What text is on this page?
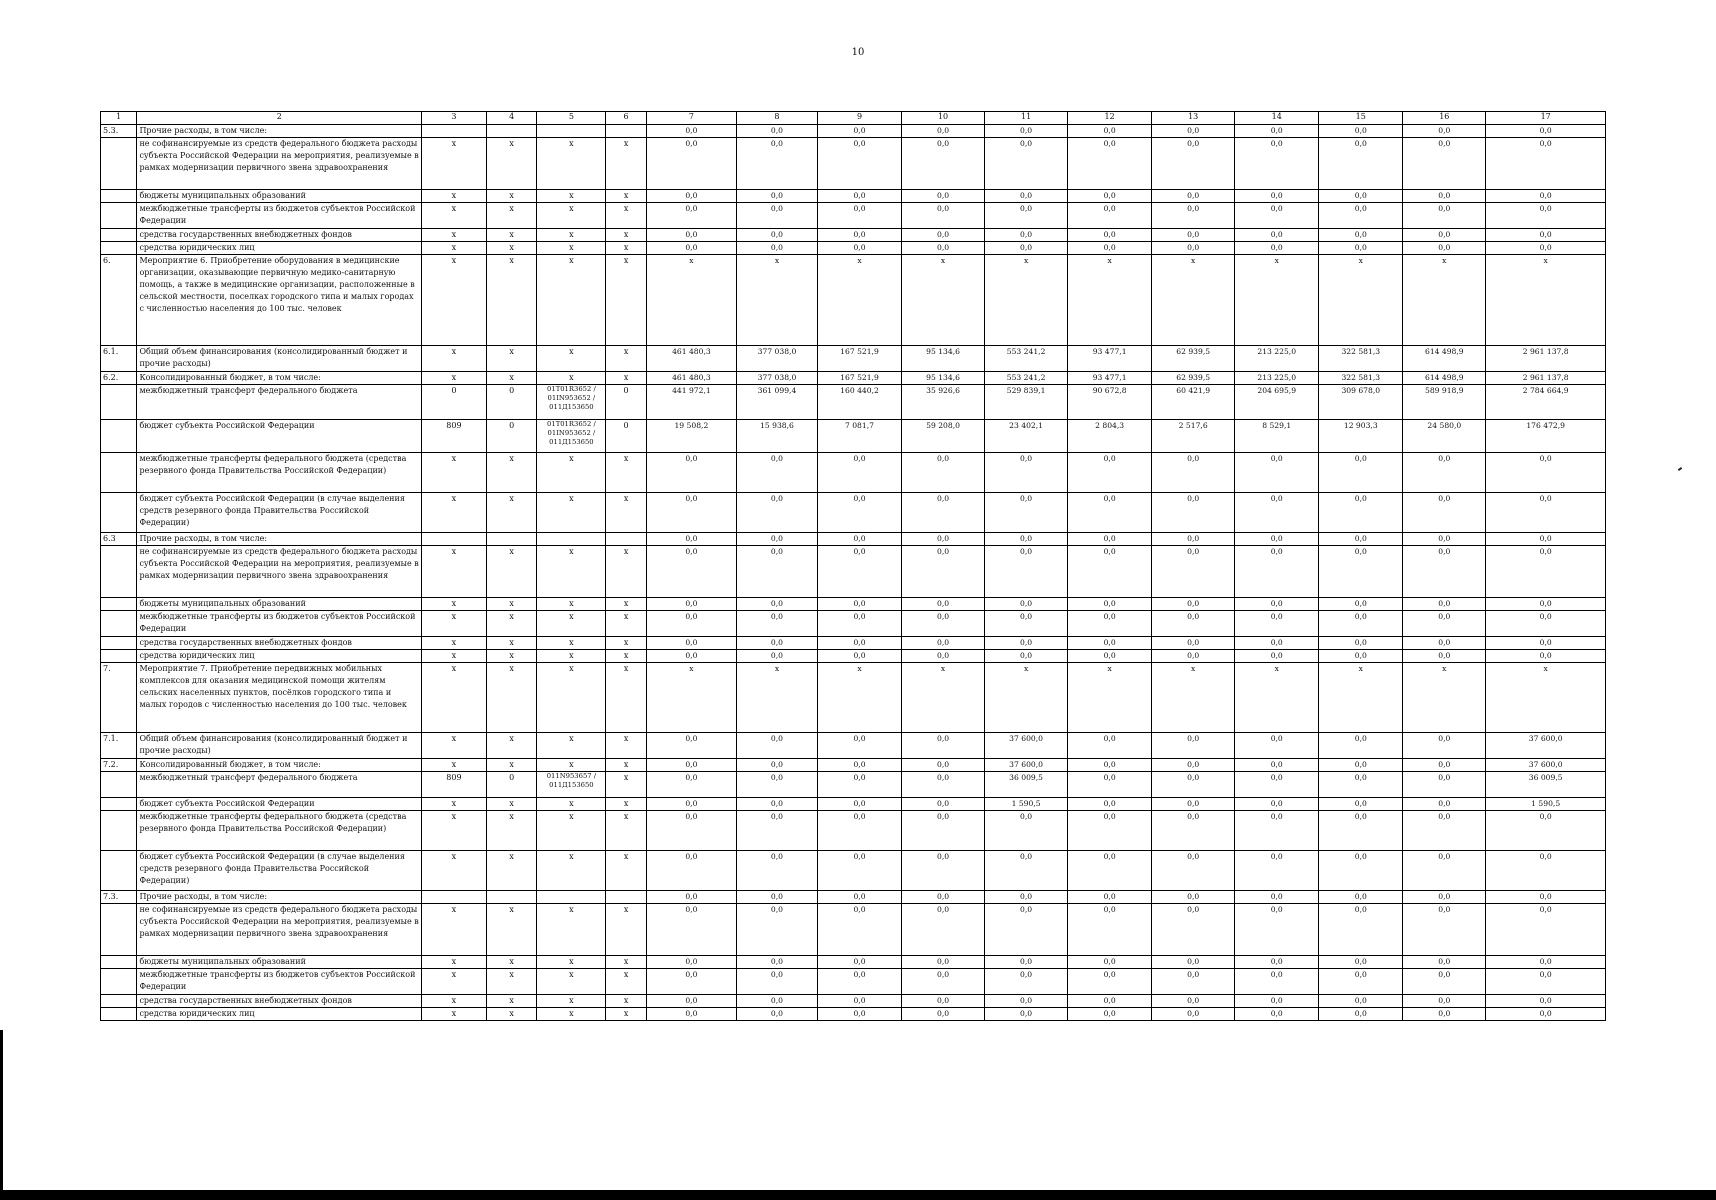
10
1	2	3	4	5	6	7	8	9	10	11	12	13	14	15	16	17
5.3.	Прочие расходы, в том числе:					0,0	0,0	0,0	0,0	0,0	0,0	0,0	0,0	0,0	0,0	0,0
	не софинансируемые из средств федерального бюджета расходы субъекта Российской Федерации на мероприятия, реализуемые в рамках модернизации первичного звена здравоохранения	x	x	x	x	0,0	0,0	0,0	0,0	0,0	0,0	0,0	0,0	0,0	0,0	0,0
	бюджеты муниципальных образований	x	x	x	x	0,0	0,0	0,0	0,0	0,0	0,0	0,0	0,0	0,0	0,0	0,0
	межбюджетные трансферты из бюджетов субъектов Российской Федерации	x	x	x	x	0,0	0,0	0,0	0,0	0,0	0,0	0,0	0,0	0,0	0,0	0,0
	средства государственных внебюджетных фондов	x	x	x	x	0,0	0,0	0,0	0,0	0,0	0,0	0,0	0,0	0,0	0,0	0,0
	средства юридических лиц	x	x	x	x	0,0	0,0	0,0	0,0	0,0	0,0	0,0	0,0	0,0	0,0	0,0
6.	Мероприятие 6. Приобретение оборудования в медицинские организации, оказывающие первичную медико-санитарную помощь, а также в медицинские организации, расположенные в сельской местности, поселках городского типа и малых городах с численностью населения до 100 тыс. человек	x	x	x	x	x	x	x	x	x	x	x	x	x	x	x
6.1.	Общий объем финансирования (консолидированный бюджет и прочие расходы)	x	x	x	x	461 480,3	377 038,0	167 521,9	95 134,6	553 241,2	93 477,1	62 939,5	213 225,0	322 581,3	614 498,9	2 961 137,8
6.2.	Консолидированный бюджет, в том числе:	x	x	x	x	461 480,3	377 038,0	167 521,9	95 134,6	553 241,2	93 477,1	62 939,5	213 225,0	322 581,3	614 498,9	2 961 137,8
	межбюджетный трансферт федерального бюджета	0	0	01Т01R3652 / 01IN953652 / 011Д153650	0	441 972,1	361 099,4	160 440,2	35 926,6	529 839,1	90 672,8	60 421,9	204 695,9	309 678,0	589 918,9	2 784 664,9
	бюджет субъекта Российской Федерации	809	0	01Т01R3652 / 01IN953652 / 011Д153650	0	19 508,2	15 938,6	7 081,7	59 208,0	23 402,1	2 804,3	2 517,6	8 529,1	12 903,3	24 580,0	176 472,9
	межбюджетные трансферты федерального бюджета (средства резервного фонда Правительства Российской Федерации)	x	x	x	x	0,0	0,0	0,0	0,0	0,0	0,0	0,0	0,0	0,0	0,0	0,0
	бюджет субъекта Российской Федерации (в случае выделения средств резервного фонда Правительства Российской Федерации)	x	x	x	x	0,0	0,0	0,0	0,0	0,0	0,0	0,0	0,0	0,0	0,0	0,0
6.3	Прочие расходы, в том числе:					0,0	0,0	0,0	0,0	0,0	0,0	0,0	0,0	0,0	0,0	0,0
	не софинансируемые из средств федерального бюджета расходы субъекта Российской Федерации на мероприятия, реализуемые в рамках модернизации первичного звена здравоохранения	x	x	x	x	0,0	0,0	0,0	0,0	0,0	0,0	0,0	0,0	0,0	0,0	0,0
	бюджеты муниципальных образований	x	x	x	x	0,0	0,0	0,0	0,0	0,0	0,0	0,0	0,0	0,0	0,0	0,0
	межбюджетные трансферты из бюджетов субъектов Российской Федерации	x	x	x	x	0,0	0,0	0,0	0,0	0,0	0,0	0,0	0,0	0,0	0,0	0,0
	средства государственных внебюджетных фондов	x	x	x	x	0,0	0,0	0,0	0,0	0,0	0,0	0,0	0,0	0,0	0,0	0,0
	средства юридических лиц	x	x	x	x	0,0	0,0	0,0	0,0	0,0	0,0	0,0	0,0	0,0	0,0	0,0
7.	Мероприятие 7. Приобретение передвижных мобильных комплексов для оказания медицинской помощи жителям сельских населенных пунктов, посёлков городского типа и малых городов с численностью населения до 100 тыс. человек	x	x	x	x	x	x	x	x	x	x	x	x	x	x	x
7.1.	Общий объем финансирования (консолидированный бюджет и прочие расходы)	x	x	x	x	0,0	0,0	0,0	0,0	37 600,0	0,0	0,0	0,0	0,0	0,0	37 600,0
7.2.	Консолидированный бюджет, в том числе:	x	x	x	x	0,0	0,0	0,0	0,0	37 600,0	0,0	0,0	0,0	0,0	0,0	37 600,0
	межбюджетный трансферт федерального бюджета	809	0	011N953657 / 011Д153650	x	0,0	0,0	0,0	0,0	36 009,5	0,0	0,0	0,0	0,0	0,0	36 009,5
	бюджет субъекта Российской Федерации	x	x	x	x	0,0	0,0	0,0	0,0	1 590,5	0,0	0,0	0,0	0,0	0,0	1 590,5
	межбюджетные трансферты федерального бюджета (средства резервного фонда Правительства Российской Федерации)	x	x	x	x	0,0	0,0	0,0	0,0	0,0	0,0	0,0	0,0	0,0	0,0	0,0
	бюджет субъекта Российской Федерации (в случае выделения средств резервного фонда Правительства Российской Федерации)	x	x	x	x	0,0	0,0	0,0	0,0	0,0	0,0	0,0	0,0	0,0	0,0	0,0
7.3.	Прочие расходы, в том числе:					0,0	0,0	0,0	0,0	0,0	0,0	0,0	0,0	0,0	0,0	0,0
	не софинансируемые из средств федерального бюджета расходы субъекта Российской Федерации на мероприятия, реализуемые в рамках модернизации первичного звена здравоохранения	x	x	x	x	0,0	0,0	0,0	0,0	0,0	0,0	0,0	0,0	0,0	0,0	0,0
	бюджеты муниципальных образований	x	x	x	x	0,0	0,0	0,0	0,0	0,0	0,0	0,0	0,0	0,0	0,0	0,0
	межбюджетные трансферты из бюджетов субъектов Российской Федерации	x	x	x	x	0,0	0,0	0,0	0,0	0,0	0,0	0,0	0,0	0,0	0,0	0,0
	средства государственных внебюджетных фондов	x	x	x	x	0,0	0,0	0,0	0,0	0,0	0,0	0,0	0,0	0,0	0,0	0,0
	средства юридических лиц	x	x	x	x	0,0	0,0	0,0	0,0	0,0	0,0	0,0	0,0	0,0	0,0	0,0
